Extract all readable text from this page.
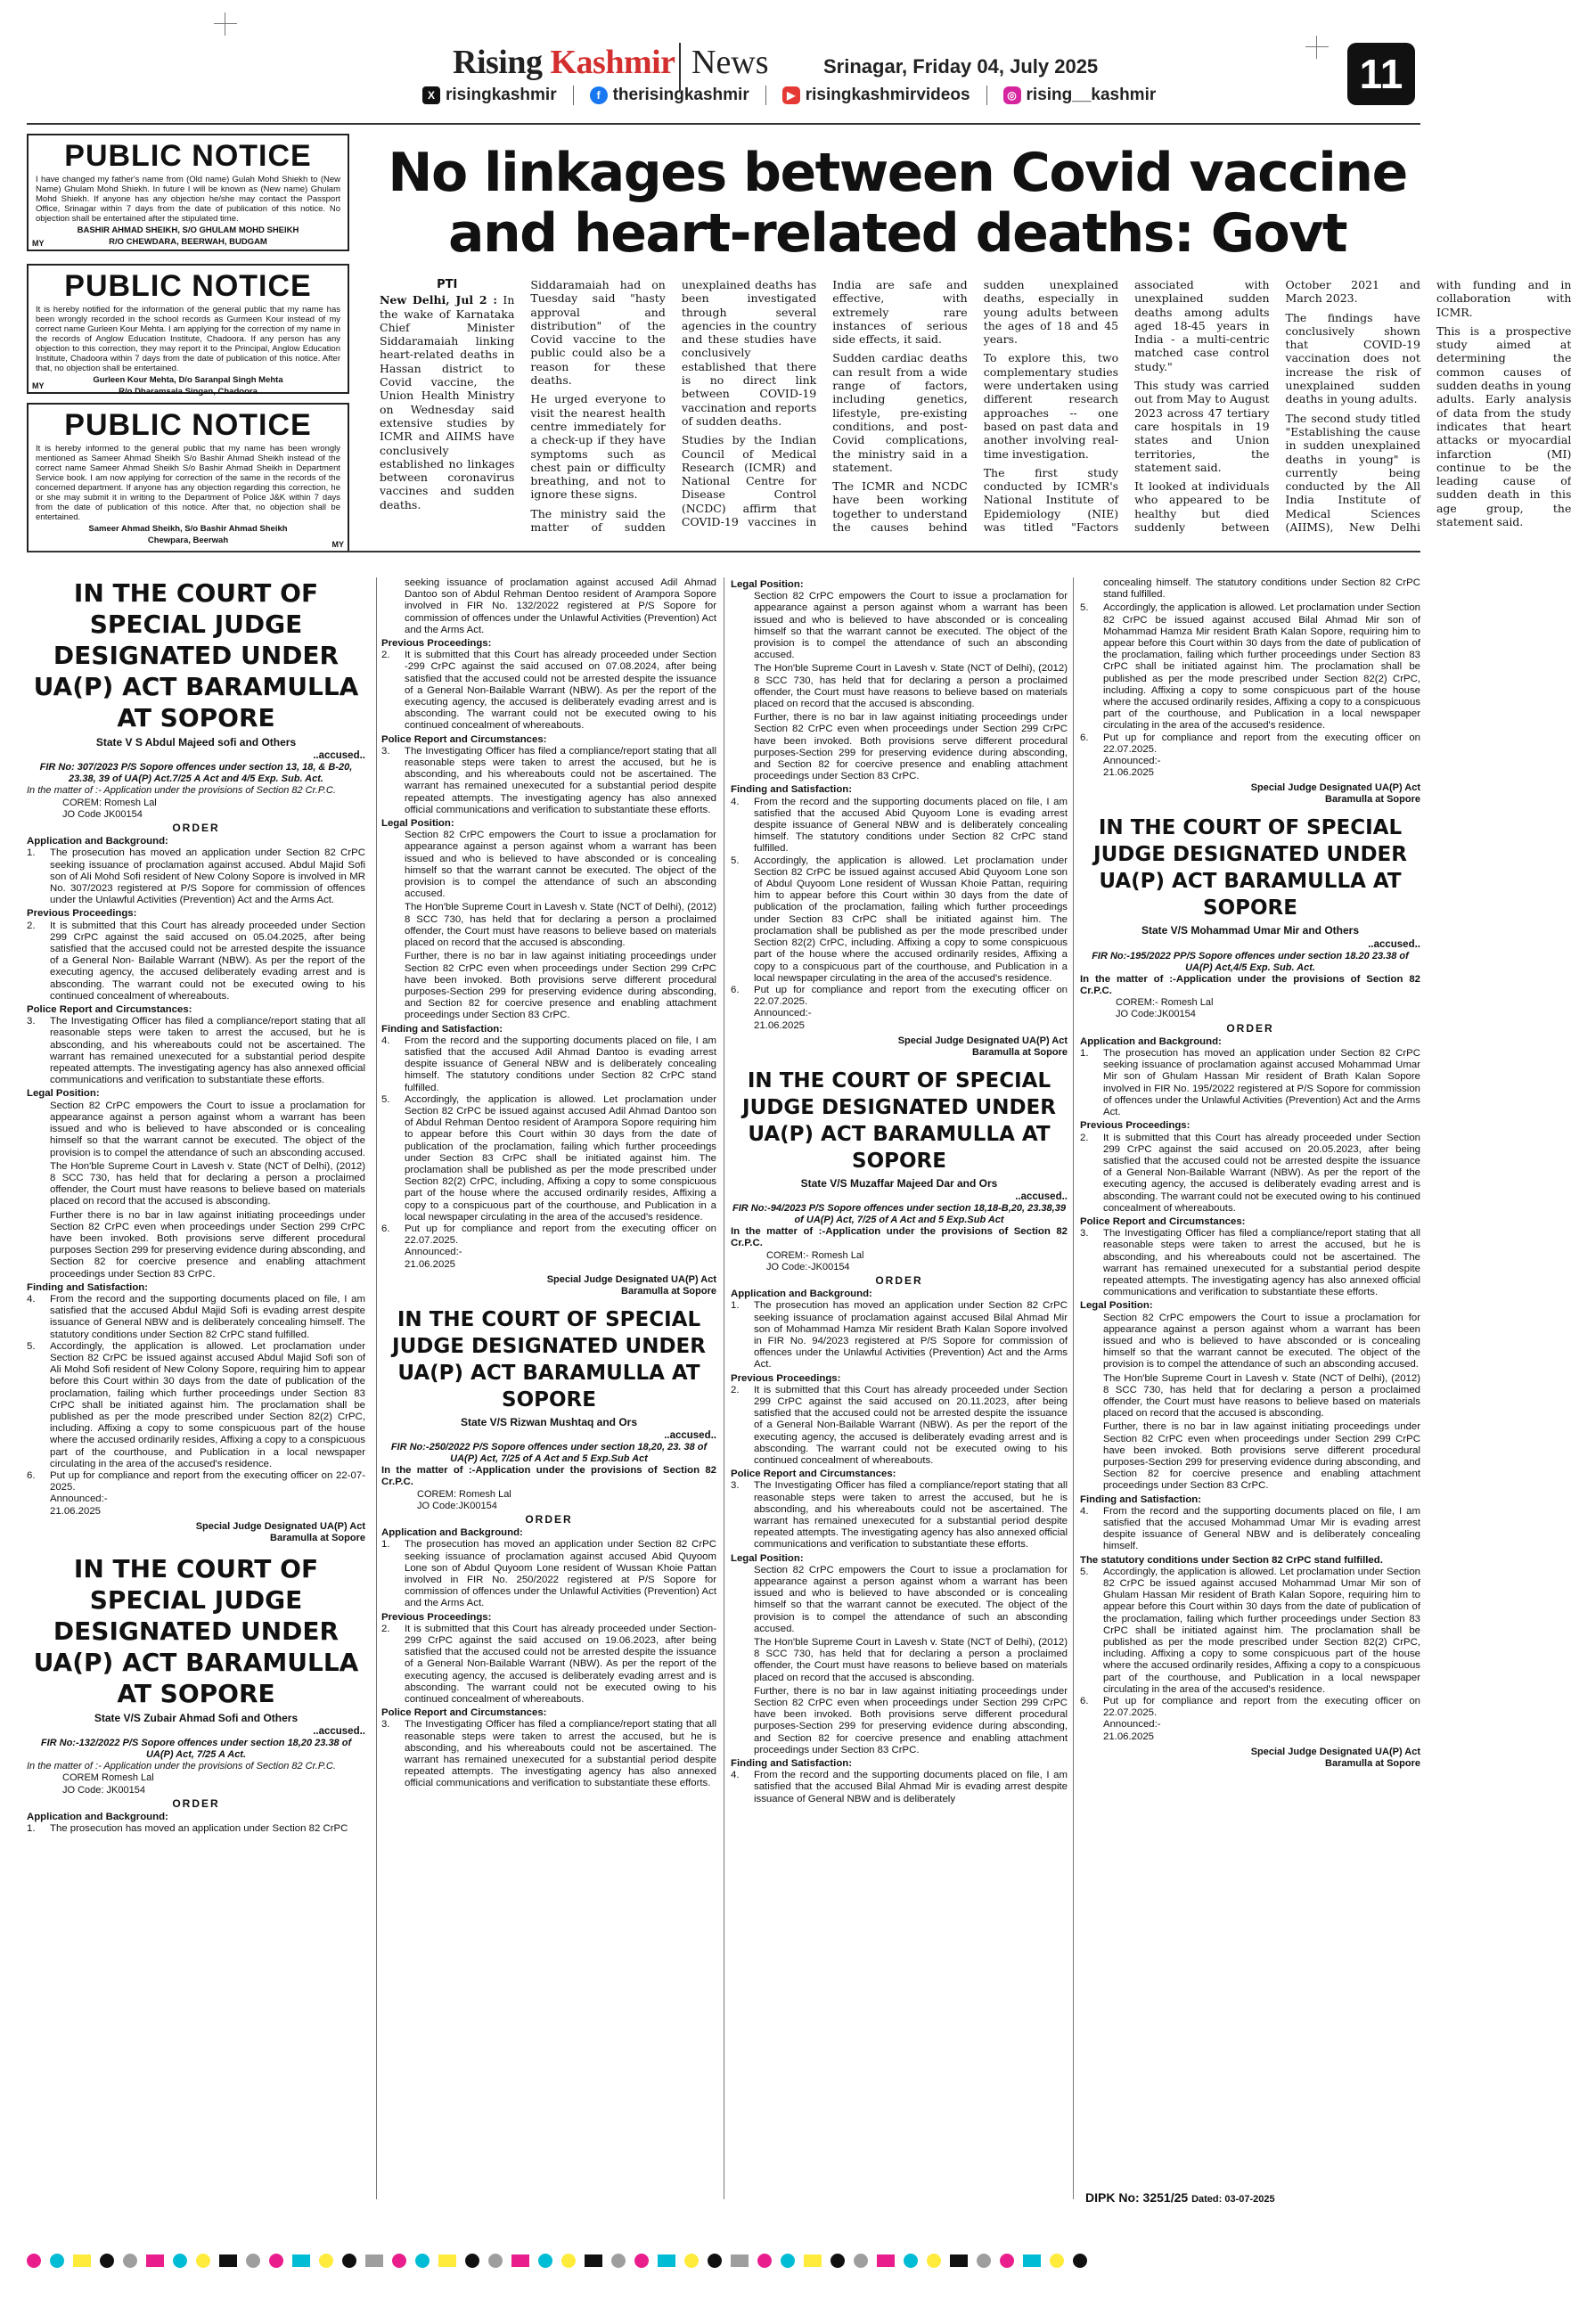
Rising Kashmir News	Srinagar, Friday 04, July 2025	11
X risingkashmir	f therisingkashmir	▶ risingkashmirvideos	◎ rising__kashmir
PUBLIC NOTICE
I have changed my father's name from (Old name) Gulah Mohd Shiekh to (New Name) Ghulam Mohd Shiekh. In future I will be known as (New name) Ghulam Mohd Shiekh. If anyone has any objection he/she may contact the Passport Office, Srinagar within 7 days from the date of publication of this notice. No objection shall be entertained after the stipulated time.
BASHIR AHMAD SHEIKH, S/O GHULAM MOHD SHEIKH
R/O CHEWDARA, BEERWAH, BUDGAM
MY
PUBLIC NOTICE
It is hereby notified for the information of the general public that my name has been wrongly recorded in the school records as Gurmeen Kour instead of my correct name Gurleen Kour Mehta. I am applying for the correction of my name in the records of Anglow Education Institute, Chadoora. If any person has any objection to this correction, they may report it to the Principal, Anglow Education Institute, Chadoora within 7 days from the date of publication of this notice. After that, no objection shall be entertained.
Gurleen Kour Mehta, D/o Saranpal Singh Mehta
R/o Dharamsala Singan, Chadoora
MY
PUBLIC NOTICE
It is hereby informed to the general public that my name has been wrongly mentioned as Sameer Ahmad Sheikh S/o Bashir Ahmad Sheikh instead of the correct name Sameer Ahmad Sheikh S/o Bashir Ahmad Sheikh in Department Service book. I am now applying for correction of the same in the records of the concerned department. If anyone has any objection regarding this correction, he or she may submit it in writing to the Department of Police J&K within 7 days from the date of publication of this notice. After that, no objection shall be entertained.
Sameer Ahmad Sheikh, S/o Bashir Ahmad Sheikh
Chewpara, Beerwah	MY
No linkages between Covid vaccine
and heart-related deaths: Govt
PTI

New Delhi, Jul 2 : In the wake of Karnataka Chief Minister Siddaramaiah linking heart-related deaths in Hassan district to Covid vaccine, the Union Health Ministry on Wednesday said extensive studies by ICMR and AIIMS have conclusively established no linkages between coronavirus vaccines and sudden deaths.

Siddaramaiah had on Tuesday said "hasty approval and distribution" of the Covid vaccine to the public could also be a reason for these deaths.

He urged everyone to visit the nearest health centre immediately for a check-up if they have symptoms such as chest pain or difficulty breathing, and not to ignore these signs.

The ministry said the matter of sudden unexplained deaths has been investigated through several agencies in the country and these studies have conclusively established that there is no direct link between COVID-19 vaccination and reports of sudden deaths.

Studies by the Indian Council of Medical Research (ICMR) and National Centre for Disease Control (NCDC) affirm that COVID-19 vaccines in India are safe and effective, with extremely rare instances of serious side effects, it said.

Sudden cardiac deaths can result from a wide range of factors, including genetics, lifestyle, pre-existing conditions, and post-Covid complications, the ministry said in a statement.

The ICMR and NCDC have been working together to understand the causes behind sudden unexplained deaths, especially in young adults between the ages of 18 and 45 years.

To explore this, two complementary studies were undertaken using different research approaches -- one based on past data and another involving real-time investigation.

The first study conducted by ICMR's National Institute of Epidemiology (NIE) was titled "Factors associated with unexplained sudden deaths among adults aged 18-45 years in India - a multi-centric matched case control study."

This study was carried out from May to August 2023 across 47 tertiary care hospitals in 19 states and Union territories, the statement said.

It looked at individuals who appeared to be healthy but died suddenly between October 2021 and March 2023.

The findings have conclusively shown that COVID-19 vaccination does not increase the risk of unexplained sudden deaths in young adults.

The second study titled "Establishing the cause in sudden unexplained deaths in young" is currently being conducted by the All India Institute of Medical Sciences (AIIMS), New Delhi with funding and in collaboration with ICMR.

This is a prospective study aimed at determining the common causes of sudden deaths in young adults. Early analysis of data from the study indicates that heart attacks or myocardial infarction (MI) continue to be the leading cause of sudden death in this age group, the statement said.

IN THE COURT OF SPECIAL JUDGE DESIGNATED UNDER UA(P) ACT BARAMULLA AT SOPORE
State V S Abdul Majeed sofi and Others
..accused..
FIR No: 307/2023 P/S Sopore offences under section 13, 18, & B-20, 23.38, 39 of UA(P) Act.7/25 A Act and 4/5 Exp. Sub. Act.
In the matter of :- Application under the provisions of Section 82 Cr.P.C.
COREM: Romesh Lal
JO Code JK00154
ORDER
Application and Background:
1.	The prosecution has moved an application under Section 82 CrPC seeking issuance of proclamation against accused. Abdul Majid Sofi son of Ali Mohd Sofi resident of New Colony Sopore is involved in MR No. 307/2023 registered at P/S Sopore for commission of offences under the Unlawful Activities (Prevention) Act and the Arms Act.
Previous Proceedings:
2.	It is submitted that this Court has already proceeded under Section 299 CrPC against the said accused on 05.04.2025, after being satisfied that the accused could not be arrested despite the issuance of a General Non- Bailable Warrant (NBW). As per the report of the executing agency, the accused deliberately evading arrest and is absconding. The warrant could not be executed owing to his continued concealment of whereabouts.
Police Report and Circumstances:
3.	The Investigating Officer has filed a compliance/report stating that all reasonable steps were taken to arrest the accused, but he is absconding, and his whereabouts could not be ascertained. The warrant has remained unexecuted for a substantial period despite repeated attempts. The investigating agency has also annexed official communications and verification to substantiate these efforts.
Legal Position:
Section 82 CrPC empowers the Court to issue a proclamation for appearance against a person against whom a warrant has been issued and who is believed to have absconded or is concealing himself so that the warrant cannot be executed. The object of the provision is to compel the attendance of such an absconding accused.
The Hon'ble Supreme Court in Lavesh v. State (NCT of Delhi), (2012) 8 SCC 730, has held that for declaring a person a proclaimed offender, the Court must have reasons to believe based on materials placed on record that the accused is absconding.
Further there is no bar in law against initiating proceedings under Section 82 CrPC even when proceedings under Section 299 CrPC have been invoked. Both provisions serve different procedural purposes Section 299 for preserving evidence during absconding, and Section 82 for coercive presence and enabling attachment proceedings under Section 83 CrPC.
Finding and Satisfaction:
4.	From the record and the supporting documents placed on file, I am satisfied that the accused Abdul Majid Sofi is evading arrest despite issuance of General NBW and is deliberately concealing himself. The statutory conditions under Section 82 CrPC stand fulfilled.
5.	Accordingly, the application is allowed. Let proclamation under Section 82 CrPC be issued against accused Abdul Majid Sofi son of Ali Mohd Sofi resident of New Colony Sopore, requiring him to appear before this Court within 30 days from the date of publication of the proclamation, failing which further proceedings under Section 83 CrPC shall be initiated against him. The proclamation shall be published as per the mode prescribed under Section 82(2) CrPC, including. Affixing a copy to some conspicuous part of the house where the accused ordinarily resides, Affixing a copy to a conspicuous part of the courthouse, and Publication in a local newspaper circulating in the area of the accused's residence.
6.	Put up for compliance and report from the executing officer on 22-07-2025.
Announced:-
21.06.2025
Special Judge Designated UA(P) Act
Baramulla at Sopore
IN THE COURT OF SPECIAL JUDGE DESIGNATED UNDER UA(P) ACT BARAMULLA AT SOPORE
State V/S Zubair Ahmad Sofi and Others
..accused..
FIR No:-132/2022 P/S Sopore offences under section 18,20 23.38 of UA(P) Act, 7/25 A Act.
In the matter of :- Application under the provisions of Section 82 Cr.P.C.
COREM Romesh Lal
JO Code: JK00154
ORDER
Application and Background:
1.	The prosecution has moved an application under Section 82 CrPC
seeking issuance of proclamation against accused Adil Ahmad Dantoo son of Abdul Rehman Dentoo resident of Arampora Sopore involved in FIR No. 132/2022 registered at P/S Sopore for commission of offences under the Unlawful Activities (Prevention) Act and the Arms Act.
Previous Proceedings:
2.	It is submitted that this Court has already proceeded under Section -299 CrPC against the said accused on 07.08.2024, after being satisfied that the accused could not be arrested despite the issuance of a General Non-Bailable Warrant (NBW). As per the report of the executing agency, the accused is deliberately evading arrest and is absconding. The warrant could not be executed owing to his continued concealment of whereabouts.
Police Report and Circumstances:
3.	The Investigating Officer has filed a compliance/report stating that all reasonable steps were taken to arrest the accused, but he is absconding, and his whereabouts could not be ascertained. The warrant has remained unexecuted for a substantial period despite repeated attempts. The investigating agency has also annexed official communications and verification to substantiate these efforts.
Legal Position:
Section 82 CrPC empowers the Court to issue a proclamation for appearance against a person against whom a warrant has been issued and who is believed to have absconded or is concealing himself so that the warrant cannot be executed. The object of the provision is to compel the attendance of such an absconding accused.
The Hon'ble Supreme Court in Lavesh v. State (NCT of Delhi), (2012) 8 SCC 730, has held that for declaring a person a proclaimed offender, the Court must have reasons to believe based on materials placed on record that the accused is absconding.
Further, there is no bar in law against initiating proceedings under Section 82 CrPC even when proceedings under Section 299 CrPC have been invoked. Both provisions serve different procedural purposes-Section 299 for preserving evidence during absconding, and Section 82 for coercive presence and enabling attachment proceedings under Section 83 CrPC.
Finding and Satisfaction:
4.	From the record and the supporting documents placed on file, I am satisfied that the accused Adil Ahmad Dantoo is evading arrest despite issuance of General NBW and is deliberately concealing himself. The statutory conditions under Section 82 CrPC stand fulfilled.
5.	Accordingly, the application is allowed. Let proclamation under Section 82 CrPC be issued against accused Adil Ahmad Dantoo son of Abdul Rehman Dentoo resident of Arampora Sopore requiring him to appear before this Court within 30 days from the date of publication of the proclamation, failing which further proceedings under Section 83 CrPC shall be initiated against him. The proclamation shall be published as per the mode prescribed under Section 82(2) CrPC, including, Affixing a copy to some conspicuous part of the house where the accused ordinarily resides, Affixing a copy to a conspicuous part of the courthouse, and Publication in a local newspaper circulating in the area of the accused's residence.
6.	Put up for compliance and report from the executing officer on 22.07.2025.
Announced:-
21.06.2025
Special Judge Designated UA(P) Act
Baramulla at Sopore
IN THE COURT OF SPECIAL JUDGE DESIGNATED UNDER UA(P) ACT BARAMULLA AT SOPORE
State V/S Rizwan Mushtaq and Ors
..accused..
FIR No:-250/2022 P/S Sopore offences under section 18,20, 23. 38 of UA(P) Act, 7/25 of A Act and 5 Exp.Sub Act
In the matter of :-Application under the provisions of Section 82 Cr.P.C.
COREM: Romesh Lal
JO Code:JK00154
ORDER
Application and Background:
1.	The prosecution has moved an application under Section 82 CrPC seeking issuance of proclamation against accused Abid Quyoom Lone son of Abdul Quyoom Lone resident of Wussan Khoie Pattan involved in FIR No. 250/2022 registered at P/S Sopore for commission of offences under the Unlawful Activities (Prevention) Act and the Arms Act.
Previous Proceedings:
2.	It is submitted that this Court has already proceeded under Section-299 CrPC against the said accused on 19.06.2023, after being satisfied that the accused could not be arrested despite the issuance of a General Non-Bailable Warrant (NBW). As per the report of the executing agency, the accused is deliberately evading arrest and is absconding. The warrant could not be executed owing to his continued concealment of whereabouts.
Police Report and Circumstances:
3.	The Investigating Officer has filed a compliance/report stating that all reasonable steps were taken to arrest the accused, but he is absconding, and his whereabouts could not be ascertained. The warrant has remained unexecuted for a substantial period despite repeated attempts. The investigating agency has also annexed official communications and verification to substantiate these efforts.
Legal Position:
Section 82 CrPC empowers the Court to issue a proclamation for appearance against a person against whom a warrant has been issued and who is believed to have absconded or is concealing himself so that the warrant cannot be executed. The object of the provision is to compel the attendance of such an absconding accused.
The Hon'ble Supreme Court in Lavesh v. State (NCT of Delhi), (2012) 8 SCC 730, has held that for declaring a person a proclaimed offender, the Court must have reasons to believe based on materials placed on record that the accused is absconding.
Further, there is no bar in law against initiating proceedings under Section 82 CrPC even when proceedings under Section 299 CrPC have been invoked. Both provisions serve different procedural purposes-Section 299 for preserving evidence during absconding, and Section 82 for coercive presence and enabling attachment proceedings under Section 83 CrPC.
Finding and Satisfaction:
4.	From the record and the supporting documents placed on file, I am satisfied that the accused Abid Quyoom Lone is evading arrest despite issuance of General NBW and is deliberately concealing himself. The statutory conditions under Section 82 CrPC stand fulfilled.
5.	Accordingly, the application is allowed. Let proclamation under Section 82 CrPC be issued against accused Abid Quyoom Lone son of Abdul Quyoom Lone resident of Wussan Khoie Pattan, requiring him to appear before this Court within 30 days from the date of publication of the proclamation, failing which further proceedings under Section 83 CrPC shall be initiated against him. The proclamation shall be published as per the mode prescribed under Section 82(2) CrPC, including. Affixing a copy to some conspicuous part of the house where the accused ordinarily resides, Affixing a copy to a conspicuous part of the courthouse, and Publication in a local newspaper circulating in the area of the accused's residence.
6.	Put up for compliance and report from the executing officer on 22.07.2025.
Announced:-
21.06.2025
Special Judge Designated UA(P) Act
Baramulla at Sopore
IN THE COURT OF SPECIAL JUDGE DESIGNATED UNDER UA(P) ACT BARAMULLA AT SOPORE
State V/S Muzaffar Majeed Dar and Ors
..accused..
FIR No:-94/2023 P/S Sopore offences under section 18,18-B,20, 23.38,39 of UA(P) Act, 7/25 of A Act and 5 Exp.Sub Act
In the matter of :-Application under the provisions of Section 82 Cr.P.C.
COREM:- Romesh Lal
JO Code:-JK00154
ORDER
Application and Background:
1.	The prosecution has moved an application under Section 82 CrPC seeking issuance of proclamation against accused Bilal Ahmad Mir son of Mohammad Hamza Mir resident Brath Kalan Sopore involved in FIR No. 94/2023 registered at P/S Sopore for commission of offences under the Unlawful Activities (Prevention) Act and the Arms Act.
Previous Proceedings:
2.	It is submitted that this Court has already proceeded under Section 299 CrPC against the said accused on 20.11.2023, after being satisfied that the accused could not be arrested despite the issuance of a General Non-Bailable Warrant (NBW). As per the report of the executing agency, the accused is deliberately evading arrest and is absconding. The warrant could not be executed owing to his continued concealment of whereabouts.
Police Report and Circumstances:
3.	The Investigating Officer has filed a compliance/report stating that all reasonable steps were taken to arrest the accused, but he is absconding, and his whereabouts could not be ascertained. The warrant has remained unexecuted for a substantial period despite repeated attempts. The investigating agency has also annexed official communications and verification to substantiate these efforts.
Legal Position:
Section 82 CrPC empowers the Court to issue a proclamation for appearance against a person against whom a warrant has been issued and who is believed to have absconded or is concealing himself so that the warrant cannot be executed. The object of the provision is to compel the attendance of such an absconding accused.
The Hon'ble Supreme Court in Lavesh v. State (NCT of Delhi), (2012) 8 SCC 730, has held that for declaring a person a proclaimed offender, the Court must have reasons to believe based on materials placed on record that the accused is absconding.
Further, there is no bar in law against initiating proceedings under Section 82 CrPC even when proceedings under Section 299 CrPC have been invoked. Both provisions serve different procedural purposes-Section 299 for preserving evidence during absconding, and Section 82 for coercive presence and enabling attachment proceedings under Section 83 CrPC.
Finding and Satisfaction:
4.	From the record and the supporting documents placed on file, I am satisfied that the accused Bilal Ahmad Mir is evading arrest despite issuance of General NBW and is deliberately
concealing himself. The statutory conditions under Section 82 CrPC stand fulfilled.
5.	Accordingly, the application is allowed. Let proclamation under Section 82 CrPC be issued against accused Bilal Ahmad Mir son of Mohammad Hamza Mir resident Brath Kalan Sopore, requiring him to appear before this Court within 30 days from the date of publication of the proclamation, failing which further proceedings under Section 83 CrPC shall be initiated against him. The proclamation shall be published as per the mode prescribed under Section 82(2) CrPC, including. Affixing a copy to some conspicuous part of the house where the accused ordinarily resides, Affixing a copy to a conspicuous part of the courthouse, and Publication in a local newspaper circulating in the area of the accused's residence.
6.	Put up for compliance and report from the executing officer on 22.07.2025.
Announced:-
21.06.2025
Special Judge Designated UA(P) Act
Baramulla at Sopore
IN THE COURT OF SPECIAL JUDGE DESIGNATED UNDER UA(P) ACT BARAMULLA AT SOPORE
State V/S Mohammad Umar Mir and Others
..accused..
FIR No:-195/2022 PP/S Sopore offences under section 18.20 23.38 of UA(P) Act,4/5 Exp. Sub. Act.
In the matter of :-Application under the provisions of Section 82 Cr.P.C.
COREM:- Romesh Lal
JO Code:JK00154
ORDER
Application and Background:
1.	The prosecution has moved an application under Section 82 CrPC seeking issuance of proclamation against accused Mohammad Umar Mir son of Ghulam Hassan Mir resident of Brath Kalan Sopore involved in FIR No. 195/2022 registered at P/S Sopore for commission of offences under the Unlawful Activities (Prevention) Act and the Arms Act.
Previous Proceedings:
2.	It is submitted that this Court has already proceeded under Section 299 CrPC against the said accused on 20.05.2023, after being satisfied that the accused could not be arrested despite the issuance of a General Non-Bailable Warrant (NBW). As per the report of the executing agency, the accused is deliberately evading arrest and is absconding. The warrant could not be executed owing to his continued concealment of whereabouts.
Police Report and Circumstances:
3.	The Investigating Officer has filed a compliance/report stating that all reasonable steps were taken to arrest the accused, but he is absconding, and his whereabouts could not be ascertained. The warrant has remained unexecuted for a substantial period despite repeated attempts. The investigating agency has also annexed official communications and verification to substantiate these efforts.
Legal Position:
Section 82 CrPC empowers the Court to issue a proclamation for appearance against a person against whom a warrant has been issued and who is believed to have absconded or is concealing himself so that the warrant cannot be executed. The object of the provision is to compel the attendance of such an absconding accused.
The Hon'ble Supreme Court in Lavesh v. State (NCT of Delhi), (2012) 8 SCC 730, has held that for declaring a person a proclaimed offender, the Court must have reasons to believe based on materials placed on record that the accused is absconding.
Further, there is no bar in law against initiating proceedings under Section 82 CrPC even when proceedings under Section 299 CrPC have been invoked. Both provisions serve different procedural purposes-Section 299 for preserving evidence during absconding, and Section 82 for coercive presence and enabling attachment proceedings under Section 83 CrPC.
Finding and Satisfaction:
4.	From the record and the supporting documents placed on file, I am satisfied that the accused Mohammad Umar Mir is evading arrest despite issuance of General NBW and is deliberately concealing himself.
The statutory conditions under Section 82 CrPC stand fulfilled.
5.	Accordingly, the application is allowed. Let proclamation under Section 82 CrPC be issued against accused Mohammad Umar Mir son of Ghulam Hassan Mir resident of Brath Kalan Sopore, requiring him to appear before this Court within 30 days from the date of publication of the proclamation, failing which further proceedings under Section 83 CrPC shall be initiated against him. The proclamation shall be published as per the mode prescribed under Section 82(2) CrPC, including. Affixing a copy to some conspicuous part of the house where the accused ordinarily resides, Affixing a copy to a conspicuous part of the courthouse, and Publication in a local newspaper circulating in the area of the accused's residence.
6.	Put up for compliance and report from the executing officer on 22.07.2025.
Announced:-
21.06.2025
Special Judge Designated UA(P) Act
Baramulla at Sopore
DIPK No: 3251/25 Dated: 03-07-2025
